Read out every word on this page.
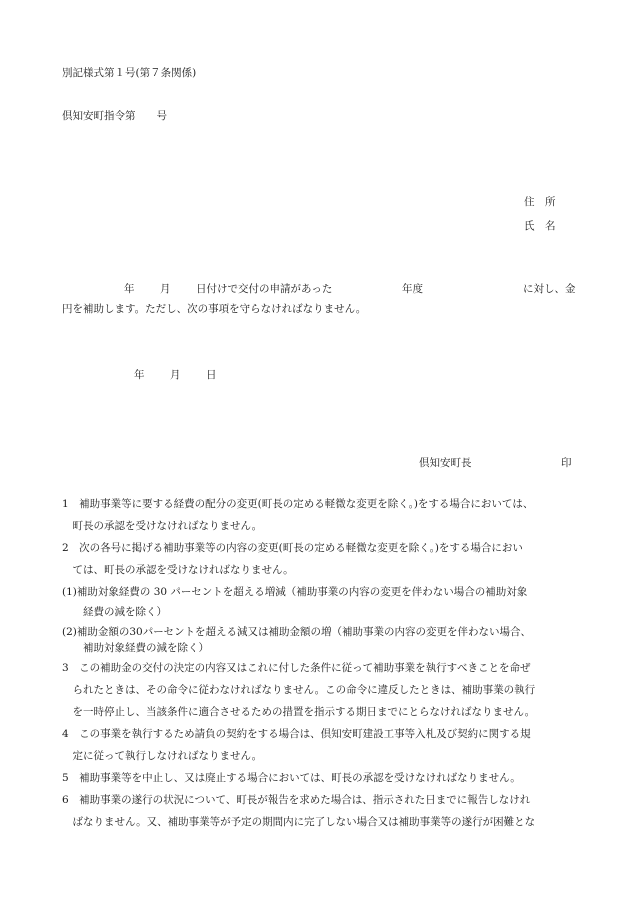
別記様式第１号(第７条関係)
倶知安町指令第　　号
住　所
氏　名
年 月 日付けで交付の申請があった	年度	に対し、金
円を補助します。ただし、次の事項を守らなければなりません。
年 月 日
倶知安町長	印
1　補助事業等に要する経費の配分の変更(町長の定める軽微な変更を除く。)をする場合においては、
　町長の承認を受けなければなりません。
2　次の各号に掲げる補助事業等の内容の変更(町長の定める軽微な変更を除く。)をする場合におい
　ては、町長の承認を受けなければなりません。
(1)補助対象経費の 30 パーセントを超える増減（補助事業の内容の変更を伴わない場合の補助対象
　　経費の減を除く）
(2)補助金額の30パーセントを超える減又は補助金額の増（補助事業の内容の変更を伴わない場合、
　　補助対象経費の減を除く）
3　この補助金の交付の決定の内容又はこれに付した条件に従って補助事業を執行すべきことを命ぜ
　られたときは、その命令に従わなければなりません。この命令に違反したときは、補助事業の執行
　を一時停止し、当該条件に適合させるための措置を指示する期日までにとらなければなりません。
4　この事業を執行するため請負の契約をする場合は、倶知安町建設工事等入札及び契約に関する規
　定に従って執行しなければなりません。
5　補助事業等を中止し、又は廃止する場合においては、町長の承認を受けなければなりません。
6　補助事業の遂行の状況について、町長が報告を求めた場合は、指示された日までに報告しなけれ
　ばなりません。又、補助事業等が予定の期間内に完了しない場合又は補助事業等の遂行が困難とな
